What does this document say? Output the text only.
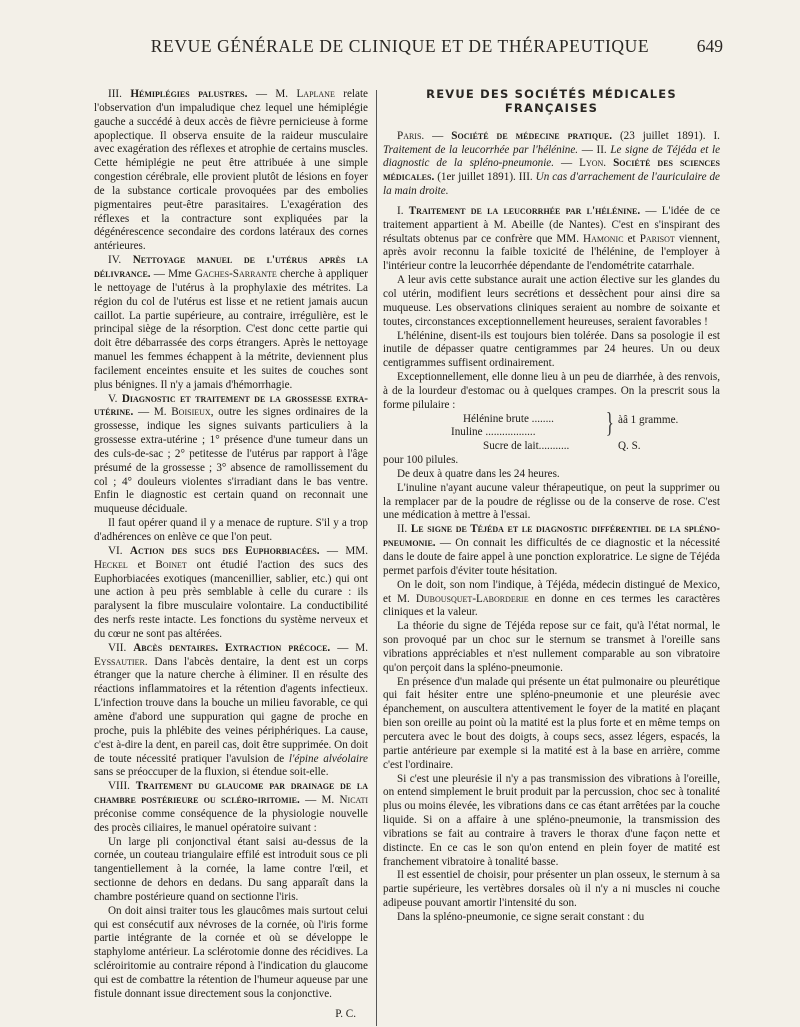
REVUE GÉNÉRALE DE CLINIQUE ET DE THÉRAPEUTIQUE	649

III. Hémiplégies palustres. — M. Laplane relate l'observation d'un impaludique chez lequel une hémiplégie gauche a succédé à deux accès de fièvre pernicieuse à forme apoplectique. Il observa ensuite de la raideur musculaire avec exagération des réflexes et atrophie de certains muscles. Cette hémiplégie ne peut être attribuée à une simple congestion cérébrale, elle provient plutôt de lésions en foyer de la substance corticale provoquées par des embolies pigmentaires peut-être parasitaires. L'exagération des réflexes et la contracture sont expliquées par la dégénérescence secondaire des cordons latéraux des cornes antérieures.

IV. Nettoyage manuel de l'utérus après la délivrance. — Mme Gaches-Sarrante cherche à appliquer le nettoyage de l'utérus à la prophylaxie des métrites. La région du col de l'utérus est lisse et ne retient jamais aucun caillot. La partie supérieure, au contraire, irrégulière, est le principal siège de la résorption. C'est donc cette partie qui doit être débarrassée des corps étrangers. Après le nettoyage manuel les femmes échappent à la métrite, deviennent plus facilement enceintes ensuite et les suites de couches sont plus bénignes. Il n'y a jamais d'hémorrhagie.

V. Diagnostic et traitement de la grossesse extra-utérine. — M. Boisieux, outre les signes ordinaires de la grossesse, indique les signes suivants particuliers à la grossesse extra-utérine ; 1° présence d'une tumeur dans un des culs-de-sac ; 2° petitesse de l'utérus par rapport à l'âge présumé de la grossesse ; 3° absence de ramollissement du col ; 4° douleurs violentes s'irradiant dans le bas ventre. Enfin le diagnostic est certain quand on reconnait une muqueuse déciduale.

Il faut opérer quand il y a menace de rupture. S'il y a trop d'adhérences on enlève ce que l'on peut.

VI. Action des sucs des Euphorbiacées. — MM. Heckel et Boinet ont étudié l'action des sucs des Euphorbiacées exotiques (mancenillier, sablier, etc.) qui ont une action à peu près semblable à celle du curare : ils paralysent la fibre musculaire volontaire. La conductibilité des nerfs reste intacte. Les fonctions du système nerveux et du cœur ne sont pas altérées.

VII. Abcès dentaires. Extraction précoce. — M. Eyssautier. Dans l'abcès dentaire, la dent est un corps étranger que la nature cherche à éliminer. Il en résulte des réactions inflammatoires et la rétention d'agents infectieux. L'infection trouve dans la bouche un milieu favorable, ce qui amène d'abord une suppuration qui gagne de proche en proche, puis la phlébite des veines périphériques. La cause, c'est à-dire la dent, en pareil cas, doit être supprimée. On doit de toute nécessité pratiquer l'avulsion de l'épine alvéolaire sans se préoccuper de la fluxion, si étendue soit-elle.

VIII. Traitement du glaucome par drainage de la chambre postérieure ou scléro-iritomie. — M. Nicati préconise comme conséquence de la physiologie nouvelle des procès ciliaires, le manuel opératoire suivant :

Un large pli conjonctival étant saisi au-dessus de la cornée, un couteau triangulaire effilé est introduit sous ce pli tangentiellement à la cornée, la lame contre l'œil, et sectionne de dehors en dedans. Du sang apparaît dans la chambre postérieure quand on sectionne l'iris.

On doit ainsi traiter tous les glaucômes mais surtout celui qui est consécutif aux névroses de la cornée, où l'iris forme partie intégrante de la cornée et où se développe le staphylome antérieur. La sclérotomie donne des récidives. La scléroiritomie au contraire répond à l'indication du glaucome qui est de combattre la rétention de l'humeur aqueuse par une fistule donnant issue directement sous la conjonctive.

P. C.

REVUE DES SOCIÉTÉS MÉDICALES FRANÇAISES

Paris. — Société de médecine pratique. (23 juillet 1891). I. Traitement de la leucorrhée par l'hélénine. — II. Le signe de Téjéda et le diagnostic de la spléno-pneumonie. — Lyon. Société des sciences médicales. (1er juillet 1891). III. Un cas d'arrachement de l'auriculaire de la main droite.

I. Traitement de la leucorrhée par l'hélénine. — L'idée de ce traitement appartient à M. Abeille (de Nantes). C'est en s'inspirant des résultats obtenus par ce confrère que MM. Hamonic et Parisot viennent, après avoir reconnu la faible toxicité de l'hélénine, de l'employer à l'intérieur contre la leucorrhée dépendante de l'endométrite catarrhale.

A leur avis cette substance aurait une action élective sur les glandes du col utérin, modifient leurs secrétions et dessèchent pour ainsi dire sa muqueuse. Les observations cliniques seraient au nombre de soixante et toutes, circonstances exceptionnellement heureuses, seraient favorables !

L'hélénine, disent-ils est toujours bien tolérée. Dans sa posologie il est inutile de dépasser quatre centigrammes par 24 heures. Un ou deux centigrammes suffisent ordinairement.

Exceptionnellement, elle donne lieu à un peu de diarrhée, à des renvois, à de la lourdeur d'estomac ou à quelques crampes. On la prescrit sous la forme pilulaire :

Hélénine brute ........
Inuline ..................
àâ 1 gramme.
}
Sucre de lait...........	Q. S.
pour 100 pilules.

De deux à quatre dans les 24 heures.

L'inuline n'ayant aucune valeur thérapeutique, on peut la supprimer ou la remplacer par de la poudre de réglisse ou de la conserve de rose. C'est une médication à mettre à l'essai.

II. Le signe de Téjéda et le diagnostic différentiel de la spléno-pneumonie. — On connait les difficultés de ce diagnostic et la nécessité dans le doute de faire appel à une ponction exploratrice. Le signe de Téjéda permet parfois d'éviter toute hésitation.

On le doit, son nom l'indique, à Téjéda, médecin distingué de Mexico, et M. Dubousquet-Laborderie en donne en ces termes les caractères cliniques et la valeur.

La théorie du signe de Téjéda repose sur ce fait, qu'à l'état normal, le son provoqué par un choc sur le sternum se transmet à l'oreille sans vibrations appréciables et n'est nullement comparable au son vibratoire qu'on perçoit dans la spléno-pneumonie.

En présence d'un malade qui présente un état pulmonaire ou pleurétique qui fait hésiter entre une spléno-pneumonie et une pleurésie avec épanchement, on auscultera attentivement le foyer de la matité en plaçant bien son oreille au point où la matité est la plus forte et en même temps on percutera avec le bout des doigts, à coups secs, assez légers, espacés, la partie antérieure par exemple si la matité est à la base en arrière, comme c'est l'ordinaire.

Si c'est une pleurésie il n'y a pas transmission des vibrations à l'oreille, on entend simplement le bruit produit par la percussion, choc sec à tonalité plus ou moins élevée, les vibrations dans ce cas étant arrêtées par la couche liquide. Si on a affaire à une spléno-pneumonie, la transmission des vibrations se fait au contraire à travers le thorax d'une façon nette et distincte. En ce cas le son qu'on entend en plein foyer de matité est franchement vibratoire à tonalité basse.

Il est essentiel de choisir, pour présenter un plan osseux, le sternum à sa partie supérieure, les vertèbres dorsales où il n'y a ni muscles ni couche adipeuse pouvant amortir l'intensité du son.

Dans la spléno-pneumonie, ce signe serait constant : du
